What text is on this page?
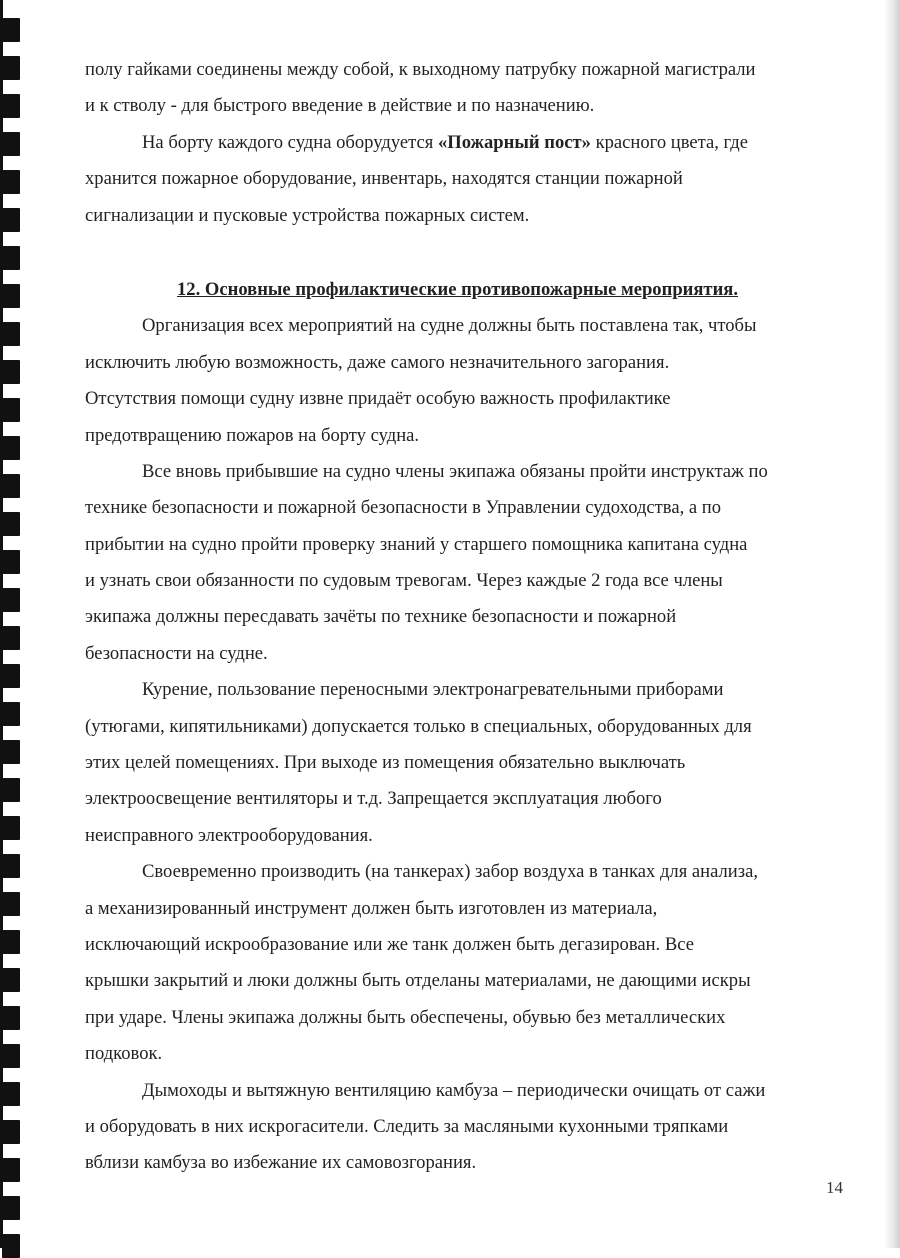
полу гайками соединены между собой, к выходному патрубку пожарной магистрали
и к стволу - для быстрого введение в действие и по назначению.
На борту каждого судна оборудуется «Пожарный пост» красного цвета, где
хранится пожарное оборудование, инвентарь, находятся станции пожарной
сигнализации и пусковые устройства пожарных систем.
12. Основные профилактические противопожарные мероприятия.
Организация всех мероприятий на судне должны быть поставлена так, чтобы
исключить любую возможность, даже самого незначительного загорания.
Отсутствия помощи судну извне придаёт особую важность профилактике
предотвращению пожаров на борту судна.
Все вновь прибывшие на судно члены экипажа обязаны пройти инструктаж по
технике безопасности и пожарной безопасности в Управлении судоходства, а по
прибытии на судно пройти проверку знаний у старшего помощника капитана судна
и узнать свои обязанности по судовым тревогам. Через каждые 2 года все члены
экипажа должны пересдавать зачёты по технике безопасности и пожарной
безопасности на судне.
Курение, пользование переносными электронагревательными приборами
(утюгами, кипятильниками) допускается только в специальных, оборудованных для
этих целей помещениях. При выходе из помещения обязательно выключать
электроосвещение вентиляторы и т.д. Запрещается эксплуатация любого
неисправного электрооборудования.
Своевременно производить (на танкерах) забор воздуха в танках для анализа,
а механизированный инструмент должен быть изготовлен из материала,
исключающий искрообразование или же танк должен быть дегазирован. Все
крышки закрытий и люки должны быть отделаны материалами, не дающими искры
при ударе. Члены экипажа должны быть обеспечены, обувью без металлических
подковок.
Дымоходы и вытяжную вентиляцию камбуза – периодически очищать от сажи
и оборудовать в них искрогасители. Следить за масляными кухонными тряпками
вблизи камбуза во избежание их самовозгорания.
14
